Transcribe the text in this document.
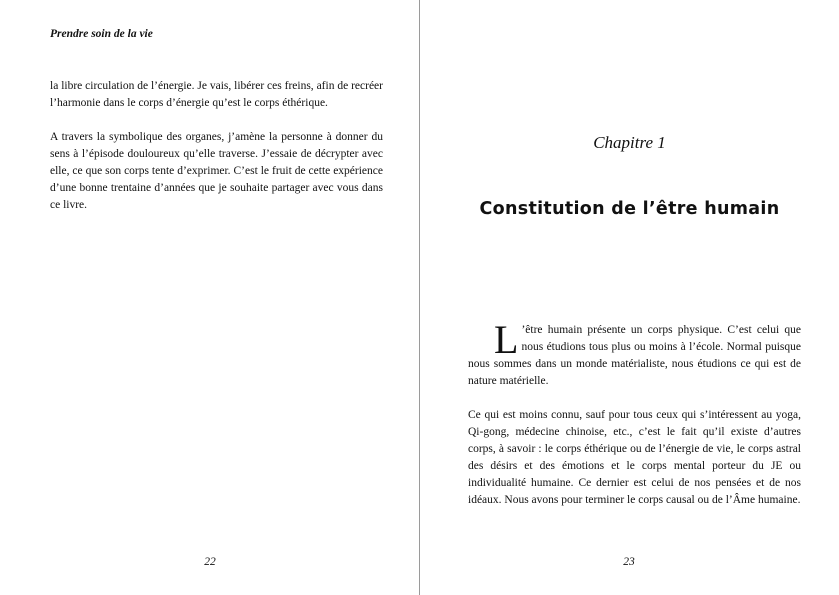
Prendre soin de la vie

la libre circulation de l’énergie. Je vais, libérer ces freins, afin de recréer l’harmonie dans le corps d’énergie qu’est le corps éthérique.

A travers la symbolique des organes, j’amène la personne à donner du sens à l’épisode douloureux qu’elle traverse. J’essaie de décrypter avec elle, ce que son corps tente d’exprimer. C’est le fruit de cette expérience d’une bonne trentaine d’années que je souhaite partager avec vous dans ce livre.

22
Chapitre 1
Constitution de l’être humain

L ’être humain présente un corps physique. C’est celui que nous étudions tous plus ou moins à l’école. Normal puisque nous sommes dans un monde matérialiste, nous étudions ce qui est de nature matérielle.

Ce qui est moins connu, sauf pour tous ceux qui s’intéressent au yoga, Qi-gong, médecine chinoise, etc., c’est le fait qu’il existe d’autres corps, à savoir : le corps éthérique ou de l’énergie de vie, le corps astral des désirs et des émotions et le corps mental porteur du JE ou individualité humaine. Ce dernier est celui de nos pensées et de nos idéaux. Nous avons pour terminer le corps causal ou de l’Âme humaine.

23
